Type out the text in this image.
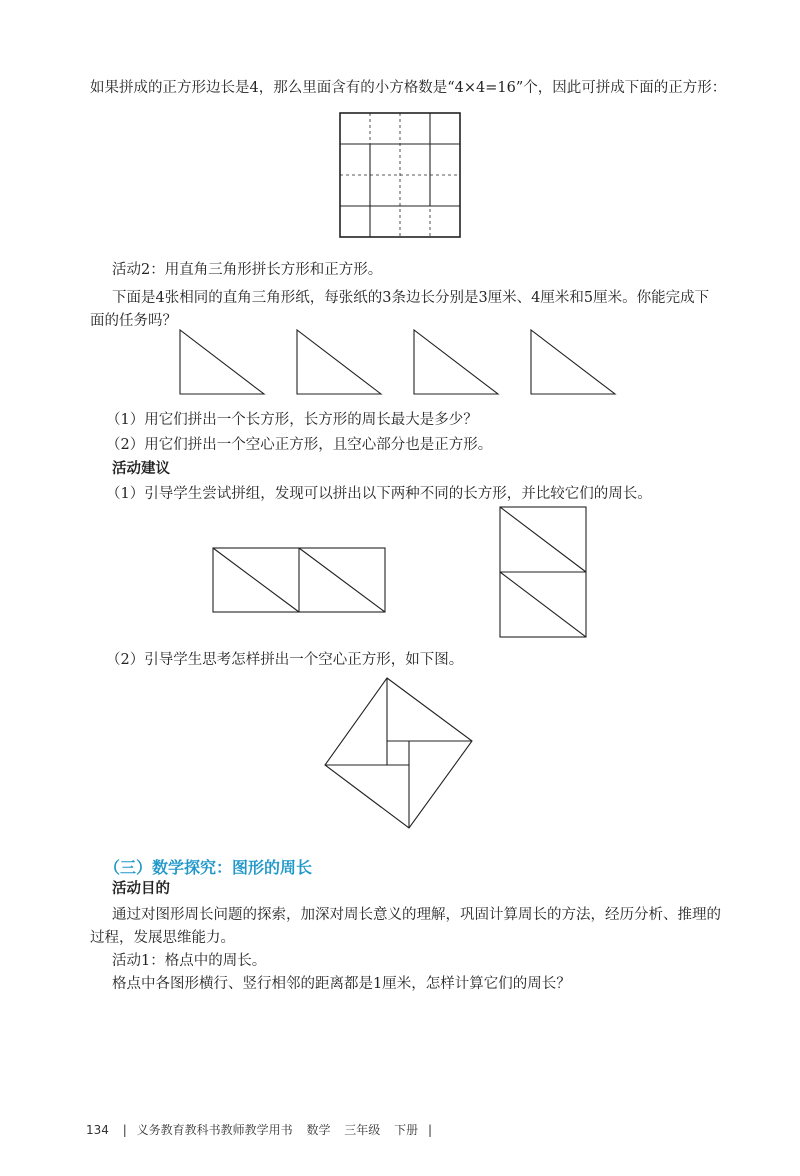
如果拼成的正方形边长是4，那么里面含有的小方格数是“4×4=16”个，因此可拼成下面的正方形：
活动2：用直角三角形拼长方形和正方形。
下面是4张相同的直角三角形纸，每张纸的3条边长分别是3厘米、4厘米和5厘米。你能完成下
面的任务吗？
（1）用它们拼出一个长方形，长方形的周长最大是多少？
（2）用它们拼出一个空心正方形，且空心部分也是正方形。
活动建议
（1）引导学生尝试拼组，发现可以拼出以下两种不同的长方形，并比较它们的周长。
（2）引导学生思考怎样拼出一个空心正方形，如下图。
（三）数学探究：图形的周长
活动目的
通过对图形周长问题的探索，加深对周长意义的理解，巩固计算周长的方法，经历分析、推理的
过程，发展思维能力。
活动1：格点中的周长。
格点中各图形横行、竖行相邻的距离都是1厘米，怎样计算它们的周长？
134 | 义务教育教科书教师教学用书 数学 三年级 下册 |
